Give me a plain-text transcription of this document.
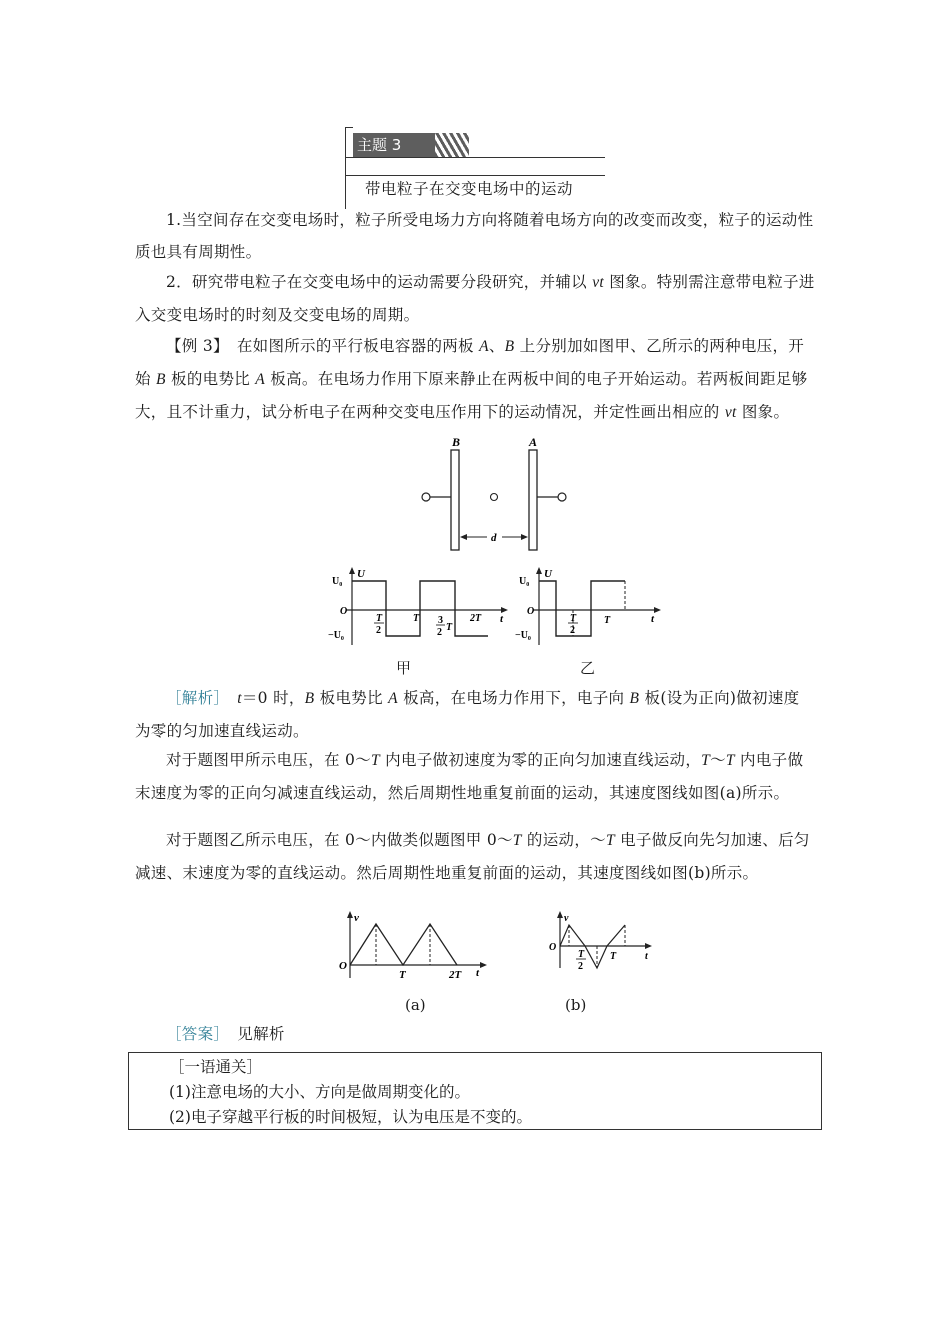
主题 3
带电粒子在交变电场中的运动

1.当空间存在交变电场时，粒子所受电场力方向将随着电场方向的改变而改变，粒子的运动性质也具有周期性。

2．研究带电粒子在交变电场中的运动需要分段研究，并辅以 vt 图象。特别需注意带电粒子进入交变电场时的时刻及交变电场的周期。

【例 3】　在如图所示的平行板电容器的两板 A、B 上分别加如图甲、乙所示的两种电压，开始 B 板的电势比 A 板高。在电场力作用下原来静止在两板中间的电子开始运动。若两板间距足够大，且不计重力，试分析电子在两种交变电压作用下的运动情况，并定性画出相应的 vt 图象。

B	A
d
U
U₀
−U₀
O
T
2
T 3
2 T
2T t
U
U₀
−U₀
O
T
2
T	t
甲	乙

［解析］　 t＝0 时，B 板电势比 A 板高，在电场力作用下，电子向 B 板(设为正向)做初速度为零的匀加速直线运动。

对于题图甲所示电压，在 0～T 内电子做初速度为零的正向匀加速直线运动，T～T 内电子做末速度为零的正向匀减速直线运动，然后周期性地重复前面的运动，其速度图线如图(a)所示。

对于题图乙所示电压，在 0～内做类似题图甲 0～T 的运动，～T 电子做反向先匀加速、后匀减速、末速度为零的直线运动。然后周期性地重复前面的运动，其速度图线如图(b)所示。

v
O
T	2T t
v
O
T
2
T	t
(a)	(b)

［答案］　 见解析

［一语通关］
(1)注意电场的大小、方向是做周期变化的。
(2)电子穿越平行板的时间极短，认为电压是不变的。
